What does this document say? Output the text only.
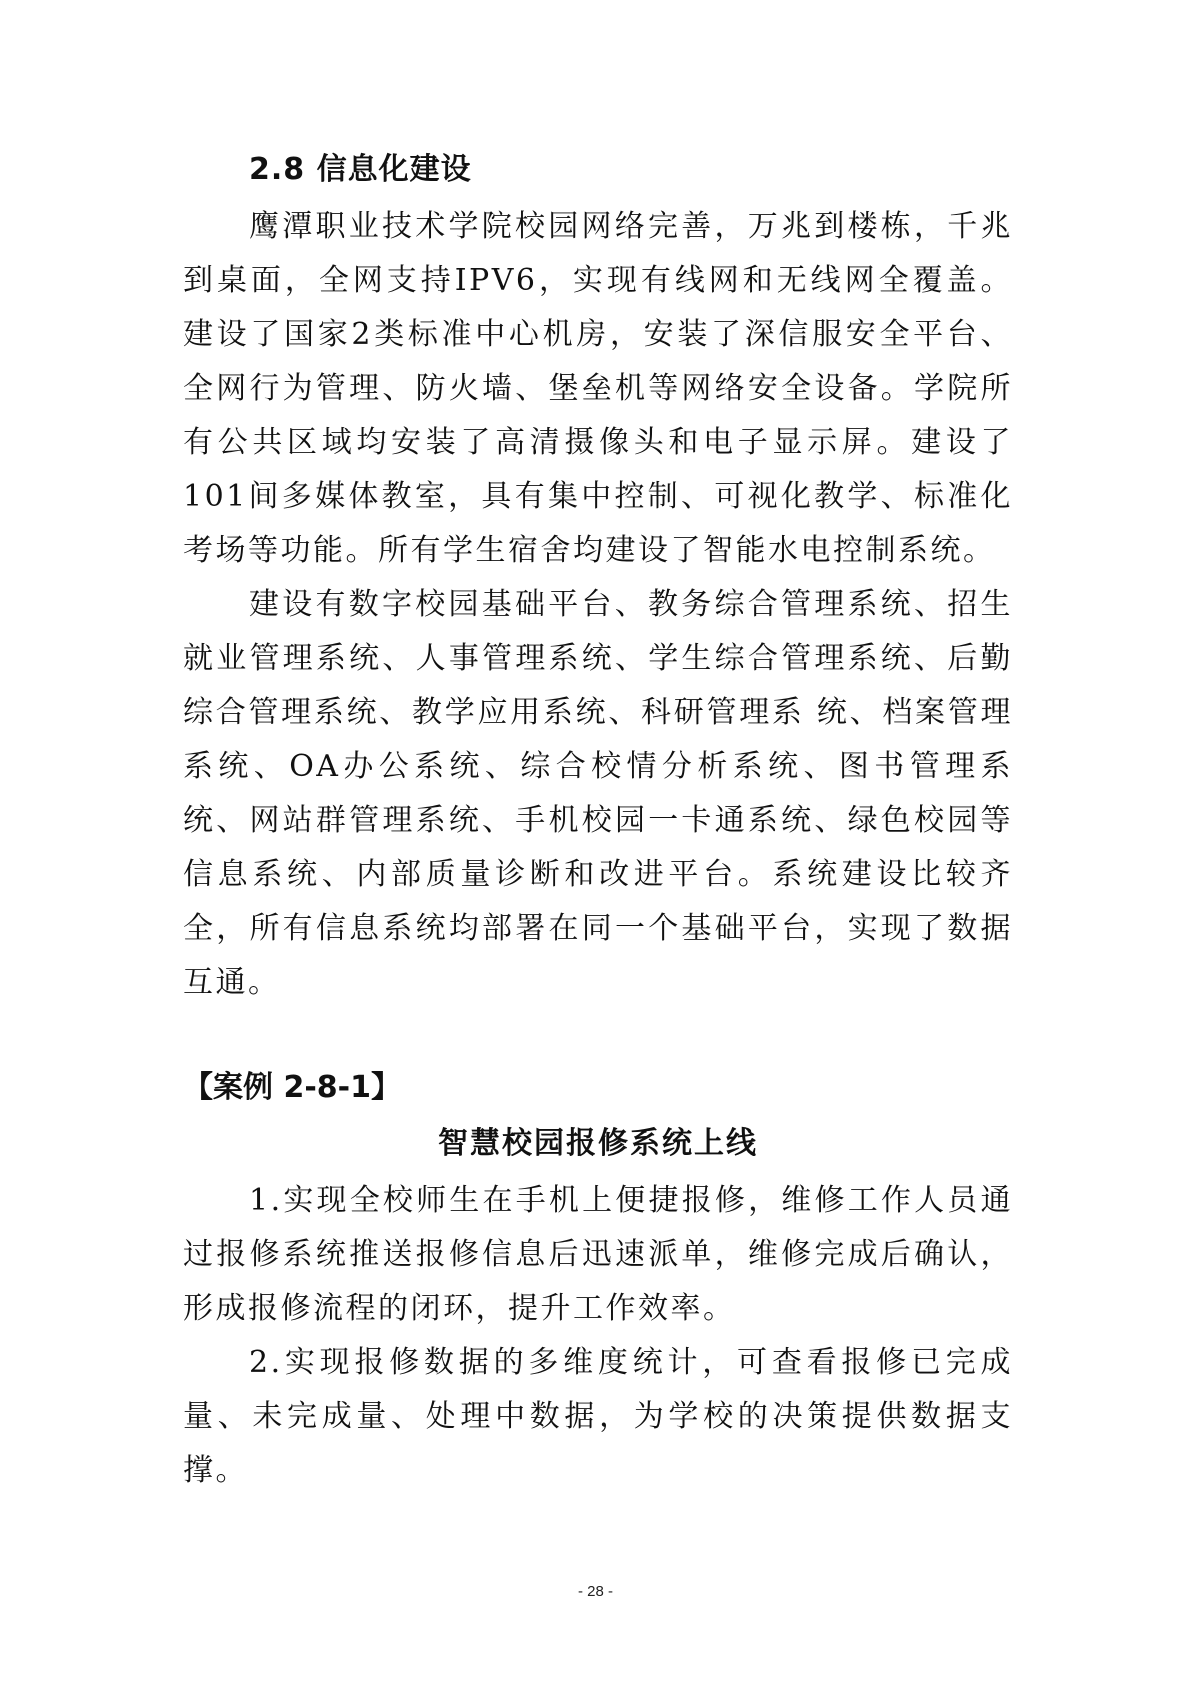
2.8 信息化建设

鹰潭职业技术学院校园网络完善，万兆到楼栋，千兆到桌面，全网支持IPV6，实现有线网和无线网全覆盖。建设了国家2类标准中心机房，安装了深信服安全平台、全网行为管理、防火墙、堡垒机等网络安全设备。学院所有公共区域均安装了高清摄像头和电子显示屏。建设了101间多媒体教室，具有集中控制、可视化教学、标准化考场等功能。所有学生宿舍均建设了智能水电控制系统。

建设有数字校园基础平台、教务综合管理系统、招生就业管理系统、人事管理系统、学生综合管理系统、后勤综合管理系统、教学应用系统、科研管理系 统、档案管理系统、OA办公系统、综合校情分析系统、图书管理系统、网站群管理系统、手机校园一卡通系统、绿色校园等信息系统、内部质量诊断和改进平台。系统建设比较齐全，所有信息系统均部署在同一个基础平台，实现了数据互通。

【案例 2-8-1】
智慧校园报修系统上线

1.实现全校师生在手机上便捷报修，维修工作人员通过报修系统推送报修信息后迅速派单，维修完成后确认，形成报修流程的闭环，提升工作效率。

2.实现报修数据的多维度统计，可查看报修已完成量、未完成量、处理中数据，为学校的决策提供数据支撑。

- 28 -
